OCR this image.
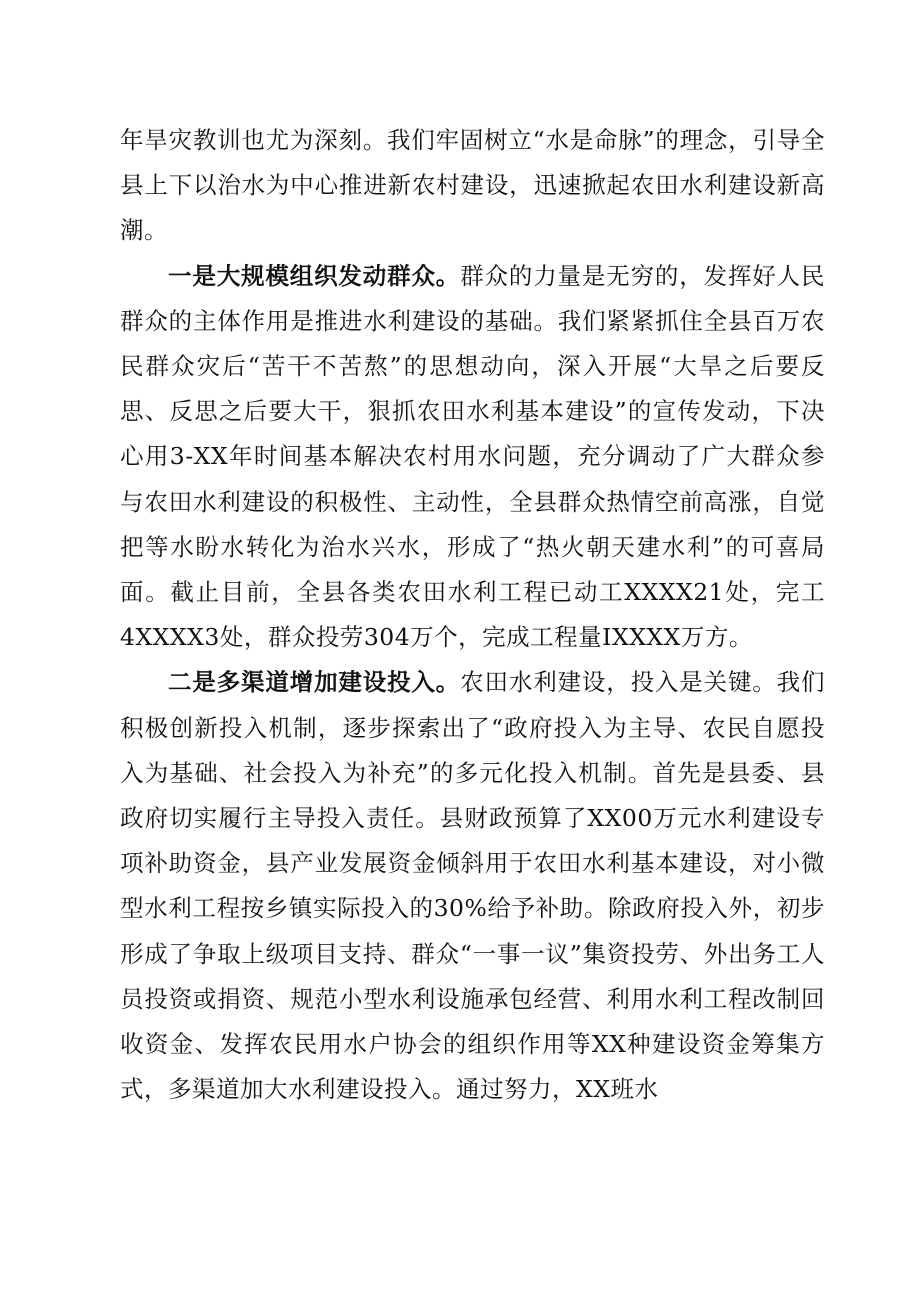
年旱灾教训也尤为深刻。我们牢固树立“水是命脉”的理念，引导全县上下以治水为中心推进新农村建设，迅速掀起农田水利建设新高潮。

一是大规模组织发动群众。群众的力量是无穷的，发挥好人民群众的主体作用是推进水利建设的基础。我们紧紧抓住全县百万农民群众灾后“苦干不苦熬”的思想动向，深入开展“大旱之后要反思、反思之后要大干，狠抓农田水利基本建设”的宣传发动，下决心用3-XX年时间基本解决农村用水问题，充分调动了广大群众参与农田水利建设的积极性、主动性，全县群众热情空前高涨，自觉把等水盼水转化为治水兴水，形成了“热火朝天建水利”的可喜局面。截止目前，全县各类农田水利工程已动工XXXX21处，完工4XXXX3处，群众投劳304万个，完成工程量IXXXX万方。

二是多渠道增加建设投入。农田水利建设，投入是关键。我们积极创新投入机制，逐步探索出了“政府投入为主导、农民自愿投入为基础、社会投入为补充”的多元化投入机制。首先是县委、县政府切实履行主导投入责任。县财政预算了XX00万元水利建设专项补助资金，县产业发展资金倾斜用于农田水利基本建设，对小微型水利工程按乡镇实际投入的30%给予补助。除政府投入外，初步形成了争取上级项目支持、群众“一事一议”集资投劳、外出务工人员投资或捐资、规范小型水利设施承包经营、利用水利工程改制回收资金、发挥农民用水户协会的组织作用等XX种建设资金筹集方式，多渠道加大水利建设投入。通过努力，XX班水
